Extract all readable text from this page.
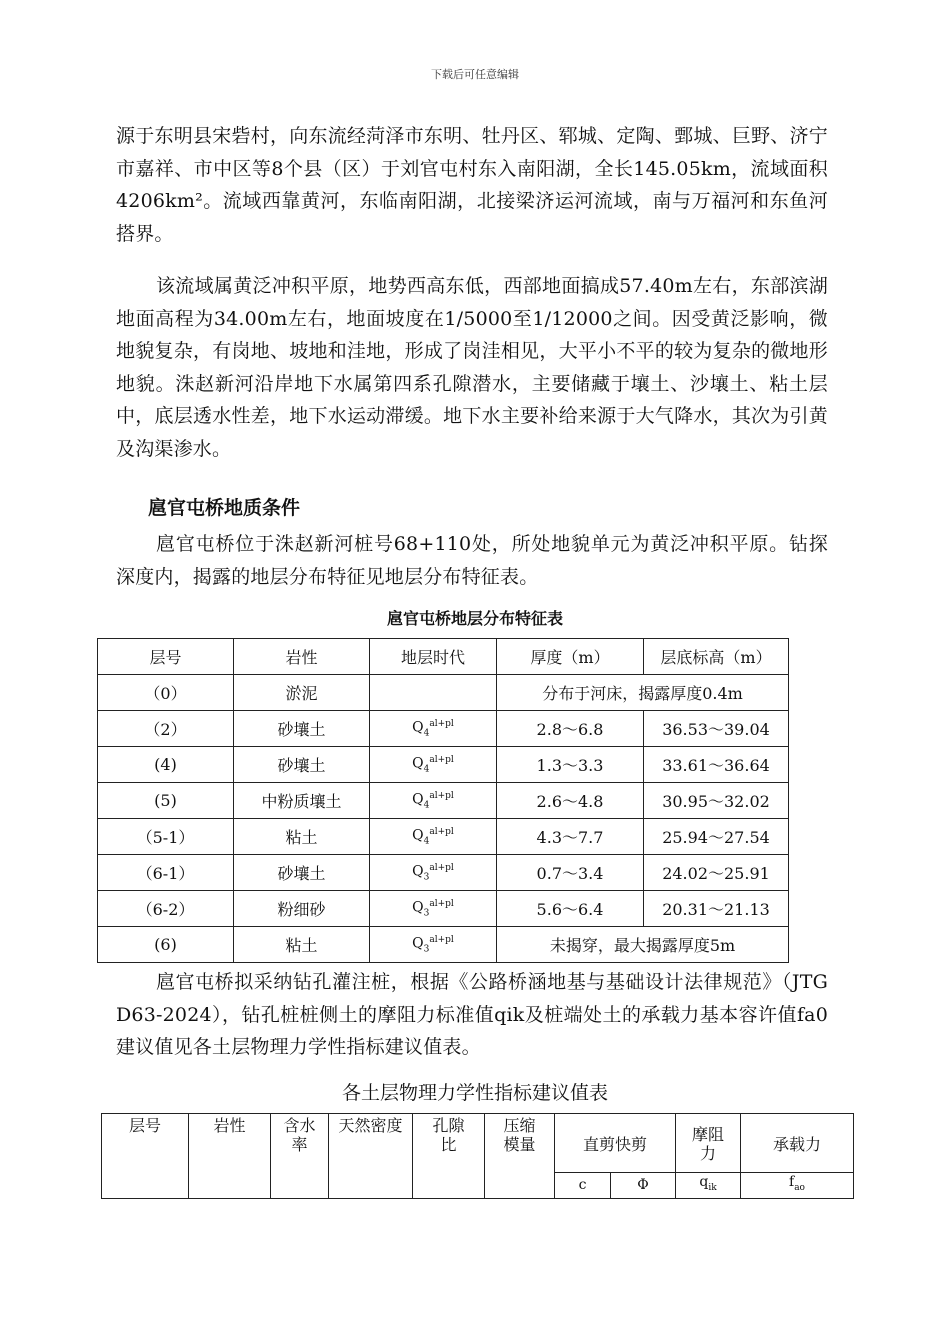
下载后可任意编辑

源于东明县宋砦村，向东流经菏泽市东明、牡丹区、郓城、定陶、鄄城、巨野、济宁市嘉祥、市中区等8个县（区）于刘官屯村东入南阳湖，全长145.05km，流域面积4206km²。流域西靠黄河，东临南阳湖，北接梁济运河流域，南与万福河和东鱼河搭界。

该流域属黄泛冲积平原，地势西高东低，西部地面搞成57.40m左右，东部滨湖地面高程为34.00m左右，地面坡度在1/5000至1/12000之间。因受黄泛影响，微地貌复杂，有岗地、坡地和洼地，形成了岗洼相见，大平小不平的较为复杂的微地形地貌。洙赵新河沿岸地下水属第四系孔隙潜水，主要储藏于壤土、沙壤土、粘土层中，底层透水性差，地下水运动滞缓。地下水主要补给来源于大气降水，其次为引黄及沟渠渗水。

扈官屯桥地质条件

扈官屯桥位于洙赵新河桩号68+110处，所处地貌单元为黄泛冲积平原。钻探深度内，揭露的地层分布特征见地层分布特征表。

扈官屯桥地层分布特征表
层号	岩性	地层时代	厚度（m）	层底标高（m）
（0）	淤泥		分布于河床，揭露厚度0.4m	
（2）	砂壤土	$Q_4^{al+pl}$	2.8～6.8	36.53～39.04
(4)	砂壤土	$Q_4^{al+pl}$	1.3～3.3	33.61～36.64
(5)	中粉质壤土	$Q_4^{al+pl}$	2.6～4.8	30.95～32.02
（5-1）	粘土	$Q_4^{al+pl}$	4.3～7.7	25.94～27.54
（6-1）	砂壤土	$Q_3^{al+pl}$	0.7～3.4	24.02～25.91
（6-2）	粉细砂	$Q_3^{al+pl}$	5.6～6.4	20.31～21.13
(6)	粘土	$Q_3^{al+pl}$	未揭穿，最大揭露厚度5m	

扈官屯桥拟采纳钻孔灌注桩，根据《公路桥涵地基与基础设计法律规范》（JTG D63-2024），钻孔桩桩侧土的摩阻力标准值qik及桩端处土的承载力基本容许值fa0建议值见各土层物理力学性指标建议值表。

各土层物理力学性指标建议值表
层号	岩性	含水率	天然密度	孔隙比	压缩模量	直剪快剪		摩阻力	承载力
						c	Φ	$q_{ik}$	$f_{ao}$
